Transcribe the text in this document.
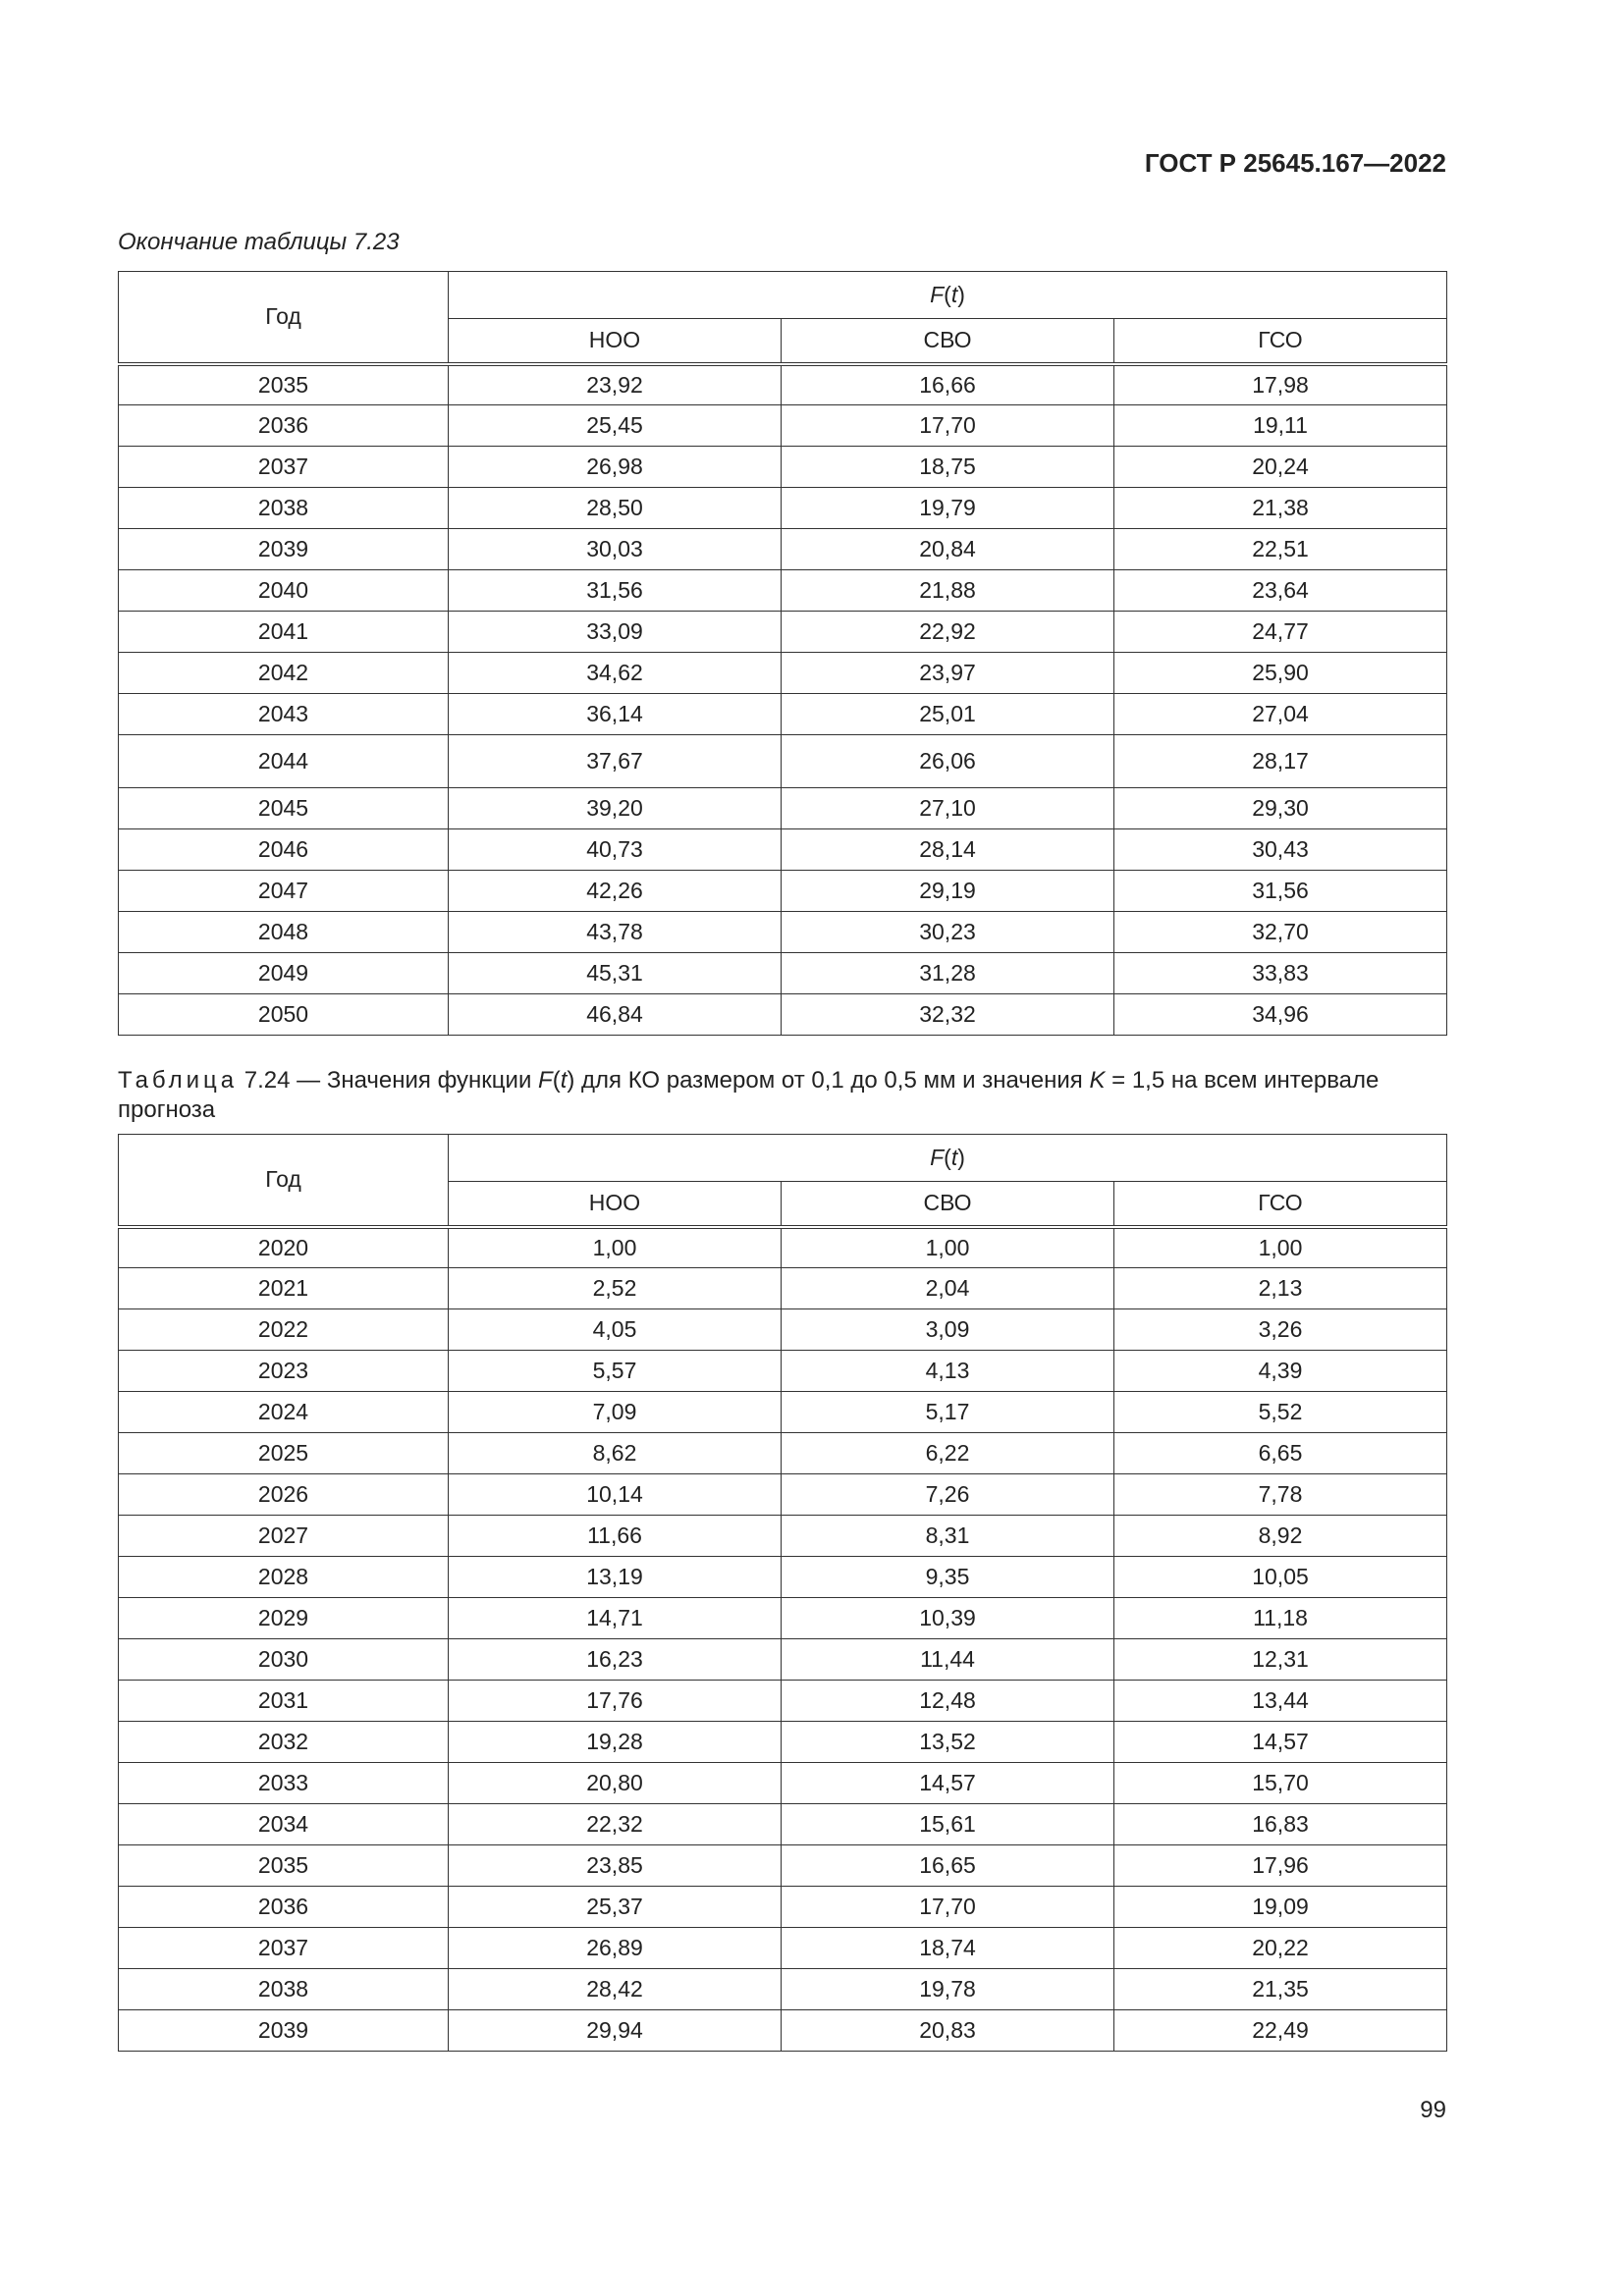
ГОСТ Р 25645.167—2022
Окончание таблицы 7.23
Год	F(t)		
	НОО	СВО	ГСО
2035	23,92	16,66	17,98
2036	25,45	17,70	19,11
2037	26,98	18,75	20,24
2038	28,50	19,79	21,38
2039	30,03	20,84	22,51
2040	31,56	21,88	23,64
2041	33,09	22,92	24,77
2042	34,62	23,97	25,90
2043	36,14	25,01	27,04
2044	37,67	26,06	28,17
2045	39,20	27,10	29,30
2046	40,73	28,14	30,43
2047	42,26	29,19	31,56
2048	43,78	30,23	32,70
2049	45,31	31,28	33,83
2050	46,84	32,32	34,96
Таблица 7.24 — Значения функции F(t) для КО размером от 0,1 до 0,5 мм и значения K = 1,5 на всем интервале прогноза
Год	F(t)		
	НОО	СВО	ГСО
2020	1,00	1,00	1,00
2021	2,52	2,04	2,13
2022	4,05	3,09	3,26
2023	5,57	4,13	4,39
2024	7,09	5,17	5,52
2025	8,62	6,22	6,65
2026	10,14	7,26	7,78
2027	11,66	8,31	8,92
2028	13,19	9,35	10,05
2029	14,71	10,39	11,18
2030	16,23	11,44	12,31
2031	17,76	12,48	13,44
2032	19,28	13,52	14,57
2033	20,80	14,57	15,70
2034	22,32	15,61	16,83
2035	23,85	16,65	17,96
2036	25,37	17,70	19,09
2037	26,89	18,74	20,22
2038	28,42	19,78	21,35
2039	29,94	20,83	22,49
99
